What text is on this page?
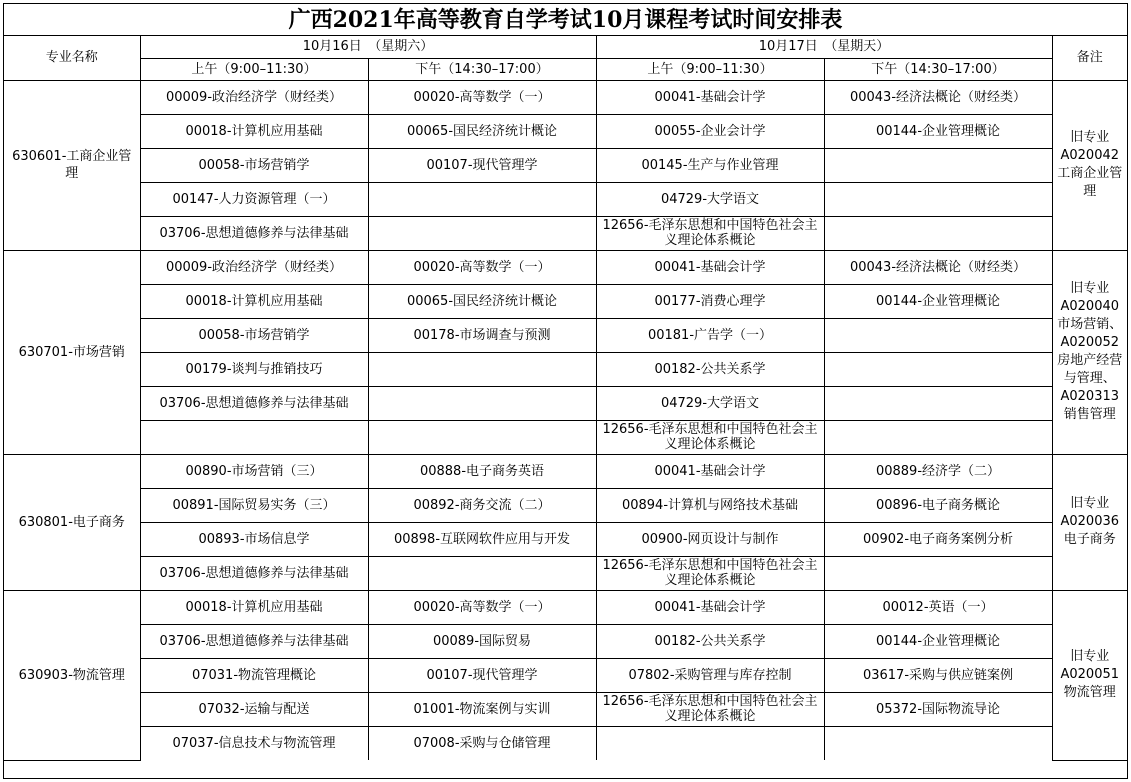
广西2021年高等教育自学考试10月课程考试时间安排表
专业名称	10月16日　（星期六）		10月17日　（星期天）		备注
	上午（9:00–11:30）	下午（14:30–17:00）	上午（9:00–11:30）	下午（14:30–17:00）	
630601-工商企业管理	00009-政治经济学（财经类）	00020-高等数学（一）	00041-基础会计学	00043-经济法概论（财经类）	旧专业A020042工商企业管理
	00018-计算机应用基础	00065-国民经济统计概论	00055-企业会计学	00144-企业管理概论	
	00058-市场营销学	00107-现代管理学	00145-生产与作业管理		
	00147-人力资源管理（一）		04729-大学语文		
	03706-思想道德修养与法律基础		12656-毛泽东思想和中国特色社会主义理论体系概论		
630701-市场营销	00009-政治经济学（财经类）	00020-高等数学（一）	00041-基础会计学	00043-经济法概论（财经类）	旧专业A020040市场营销、A020052房地产经营与管理、A020313销售管理
	00018-计算机应用基础	00065-国民经济统计概论	00177-消费心理学	00144-企业管理概论	
	00058-市场营销学	00178-市场调查与预测	00181-广告学（一）		
	00179-谈判与推销技巧		00182-公共关系学		
	03706-思想道德修养与法律基础		04729-大学语文		
			12656-毛泽东思想和中国特色社会主义理论体系概论		
630801-电子商务	00890-市场营销（三）	00888-电子商务英语	00041-基础会计学	00889-经济学（二）	旧专业A020036电子商务
	00891-国际贸易实务（三）	00892-商务交流（二）	00894-计算机与网络技术基础	00896-电子商务概论	
	00893-市场信息学	00898-互联网软件应用与开发	00900-网页设计与制作	00902-电子商务案例分析	
	03706-思想道德修养与法律基础		12656-毛泽东思想和中国特色社会主义理论体系概论		
630903-物流管理	00018-计算机应用基础	00020-高等数学（一）	00041-基础会计学	00012-英语（一）	旧专业A020051物流管理
	03706-思想道德修养与法律基础	00089-国际贸易	00182-公共关系学	00144-企业管理概论	
	07031-物流管理概论	00107-现代管理学	07802-采购管理与库存控制	03617-采购与供应链案例	
	07032-运输与配送	01001-物流案例与实训	12656-毛泽东思想和中国特色社会主义理论体系概论	05372-国际物流导论	
	07037-信息技术与物流管理	07008-采购与仓储管理			
